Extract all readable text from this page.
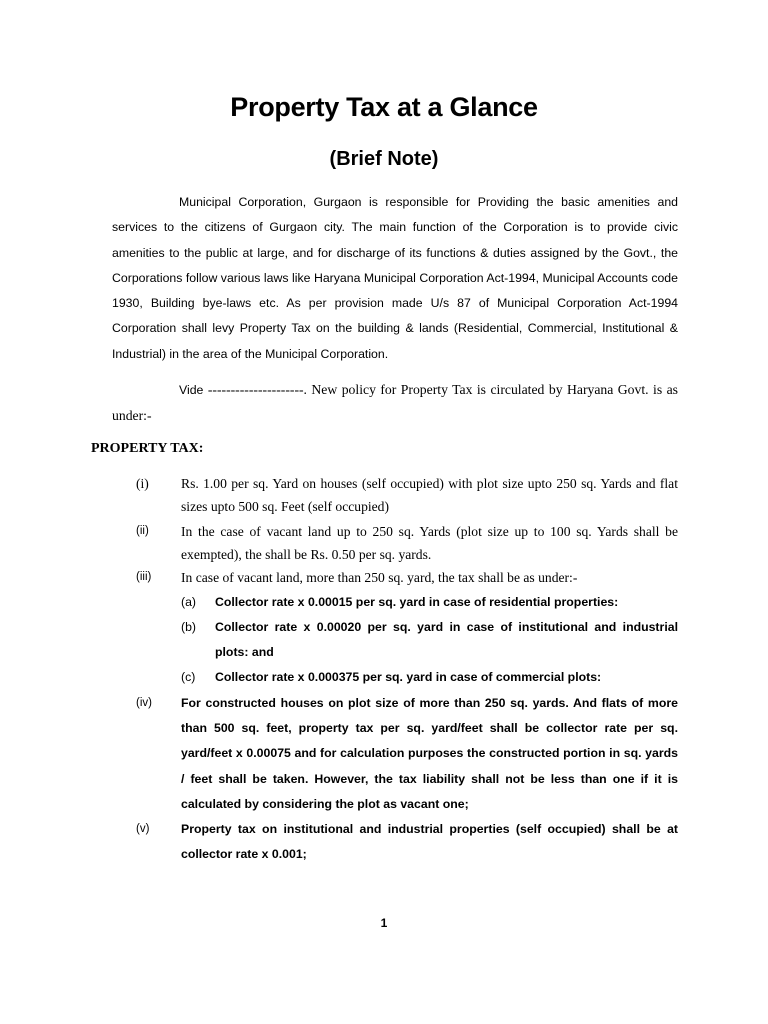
Property Tax at a Glance
(Brief Note)
Municipal Corporation, Gurgaon is responsible for Providing the basic amenities and services to the citizens of Gurgaon city. The main function of the Corporation is to provide civic amenities to the public at large, and for discharge of its functions & duties assigned by the Govt., the Corporations follow various laws like Haryana Municipal Corporation Act-1994, Municipal Accounts code 1930, Building bye-laws etc. As per provision made U/s 87 of Municipal Corporation Act-1994 Corporation shall levy Property Tax on the building & lands (Residential, Commercial, Institutional & Industrial) in the area of the Municipal Corporation.
Vide ---------------------. New policy for Property Tax is circulated by Haryana Govt. is as under:-
PROPERTY TAX:
(i)	Rs. 1.00 per sq. Yard on houses (self occupied) with plot size upto 250 sq. Yards and flat sizes upto 500 sq. Feet (self occupied)
(ii)	In the case of vacant land up to 250 sq. Yards (plot size up to 100 sq. Yards shall be exempted), the shall be Rs. 0.50 per sq. yards.
(iii)	In case of vacant land, more than 250 sq. yard, the tax shall be as under:-
(a)	Collector rate x 0.00015 per sq. yard in case of residential properties:
(b)	Collector rate x 0.00020 per sq. yard in case of institutional and industrial plots: and
(c)	Collector rate x 0.000375 per sq. yard in case of commercial plots:
(iv)	For constructed houses on plot size of more than 250 sq. yards. And flats of more than 500 sq. feet, property tax per sq. yard/feet shall be collector rate per sq. yard/feet x 0.00075 and for calculation purposes the constructed portion in sq. yards / feet shall be taken. However, the tax liability shall not be less than one if it is calculated by considering the plot as vacant one;
(v)	Property tax on institutional and industrial properties (self occupied) shall be at collector rate x 0.001;
1
